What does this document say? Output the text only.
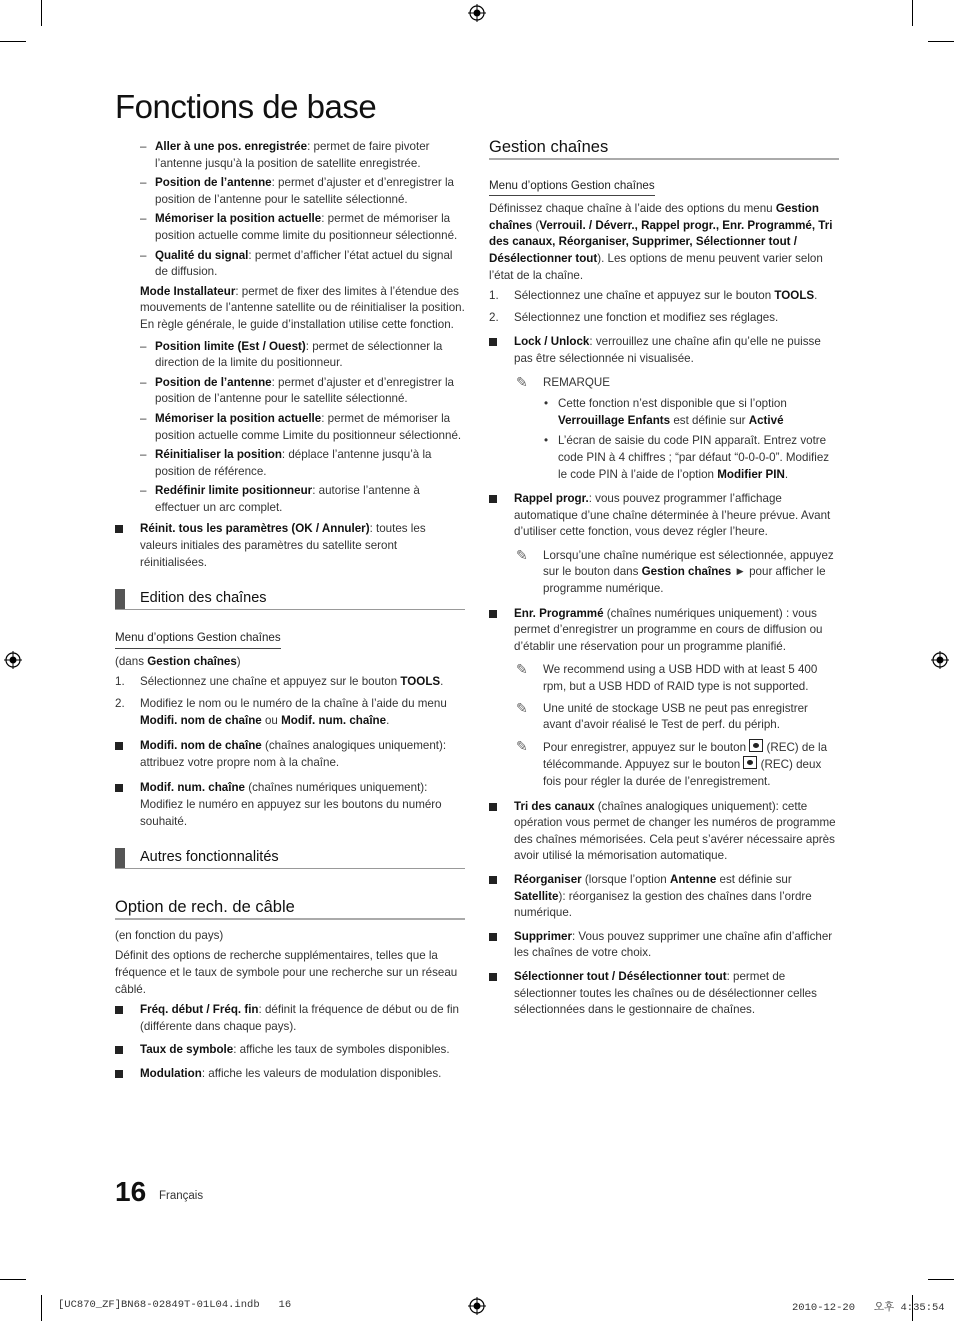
Fonctions de base
– Aller à une pos. enregistrée: permet de faire pivoter l’antenne jusqu’à la position de satellite enregistrée.
– Position de l’antenne: permet d’ajuster et d’enregistrer la position de l’antenne pour le satellite sélectionné.
– Mémoriser la position actuelle: permet de mémoriser la position actuelle comme limite du positionneur sélectionné.
– Qualité du signal: permet d’afficher l’état actuel du signal de diffusion.
Mode Installateur: permet de fixer des limites à l’étendue des mouvements de l’antenne satellite ou de réinitialiser la position. En règle générale, le guide d’installation utilise cette fonction.
– Position limite (Est / Ouest): permet de sélectionner la direction de la limite du positionneur.
– Position de l’antenne: permet d’ajuster et d’enregistrer la position de l’antenne pour le satellite sélectionné.
– Mémoriser la position actuelle: permet de mémoriser la position actuelle comme Limite du positionneur sélectionné.
– Réinitialiser la position: déplace l’antenne jusqu’à la position de référence.
– Redéfinir limite positionneur: autorise l’antenne à effectuer un arc complet.
Réinit. tous les paramètres (OK / Annuler): toutes les valeurs initiales des paramètres du satellite seront réinitialisées.
Edition des chaînes
Menu d’options Gestion chaînes
(dans Gestion chaînes)
1. Sélectionnez une chaîne et appuyez sur le bouton TOOLS.
2. Modifiez le nom ou le numéro de la chaîne à l’aide du menu Modifi. nom de chaîne ou Modif. num. chaîne.
Modifi. nom de chaîne (chaînes analogiques uniquement): attribuez votre propre nom à la chaîne.
Modif. num. chaîne (chaînes numériques uniquement): Modifiez le numéro en appuyez sur les boutons du numéro souhaité.
Autres fonctionnalités
Option de rech. de câble
(en fonction du pays)
Définit des options de recherche supplémentaires, telles que la fréquence et le taux de symbole pour une recherche sur un réseau câblé.
Fréq. début / Fréq. fin: définit la fréquence de début ou de fin (différente dans chaque pays).
Taux de symbole: affiche les taux de symboles disponibles.
Modulation: affiche les valeurs de modulation disponibles.
Gestion chaînes
Menu d’options Gestion chaînes
Définissez chaque chaîne à l’aide des options du menu Gestion chaînes (Verrouil. / Déverr., Rappel progr., Enr. Programmé, Tri des canaux, Réorganiser, Supprimer, Sélectionner tout / Désélectionner tout). Les options de menu peuvent varier selon l’état de la chaîne.
1. Sélectionnez une chaîne et appuyez sur le bouton TOOLS.
2. Sélectionnez une fonction et modifiez ses réglages.
Lock / Unlock: verrouillez une chaîne afin qu’elle ne puisse pas être sélectionnée ni visualisée.
✎ REMARQUE
• Cette fonction n’est disponible que si l’option Verrouillage Enfants est définie sur Activé
• L’écran de saisie du code PIN apparaît. Entrez votre code PIN à 4 chiffres ; “par défaut “0-0-0-0”. Modifiez le code PIN à l’aide de l’option Modifier PIN.
Rappel progr.: vous pouvez programmer l’affichage automatique d’une chaîne déterminée à l’heure prévue. Avant d’utiliser cette fonction, vous devez régler l’heure.
✎ Lorsqu’une chaîne numérique est sélectionnée, appuyez sur le bouton dans Gestion chaînes ► pour afficher le programme numérique.
Enr. Programmé (chaînes numériques uniquement) : vous permet d’enregistrer un programme en cours de diffusion ou d’établir une réservation pour un programme planifié.
✎ We recommend using a USB HDD with at least 5 400 rpm, but a USB HDD of RAID type is not supported.
✎ Une unité de stockage USB ne peut pas enregistrer avant d’avoir réalisé le Test de perf. du périph.
✎ Pour enregistrer, appuyez sur le bouton  (REC) de la télécommande. Appuyez sur le bouton  (REC) deux fois pour régler la durée de l’enregistrement.
Tri des canaux (chaînes analogiques uniquement): cette opération vous permet de changer les numéros de programme des chaînes mémorisées. Cela peut s’avérer nécessaire après avoir utilisé la mémorisation automatique.
Réorganiser (lorsque l’option Antenne est définie sur Satellite): réorganisez la gestion des chaînes dans l’ordre numérique.
Supprimer: Vous pouvez supprimer une chaîne afin d’afficher les chaînes de votre choix.
Sélectionner tout / Désélectionner tout: permet de sélectionner toutes les chaînes ou de désélectionner celles sélectionnées dans le gestionnaire de chaînes.
16 Français
[UC870_ZF]BN68-02849T-01L04.indb   16	2010-12-20   오후 4:35:54
